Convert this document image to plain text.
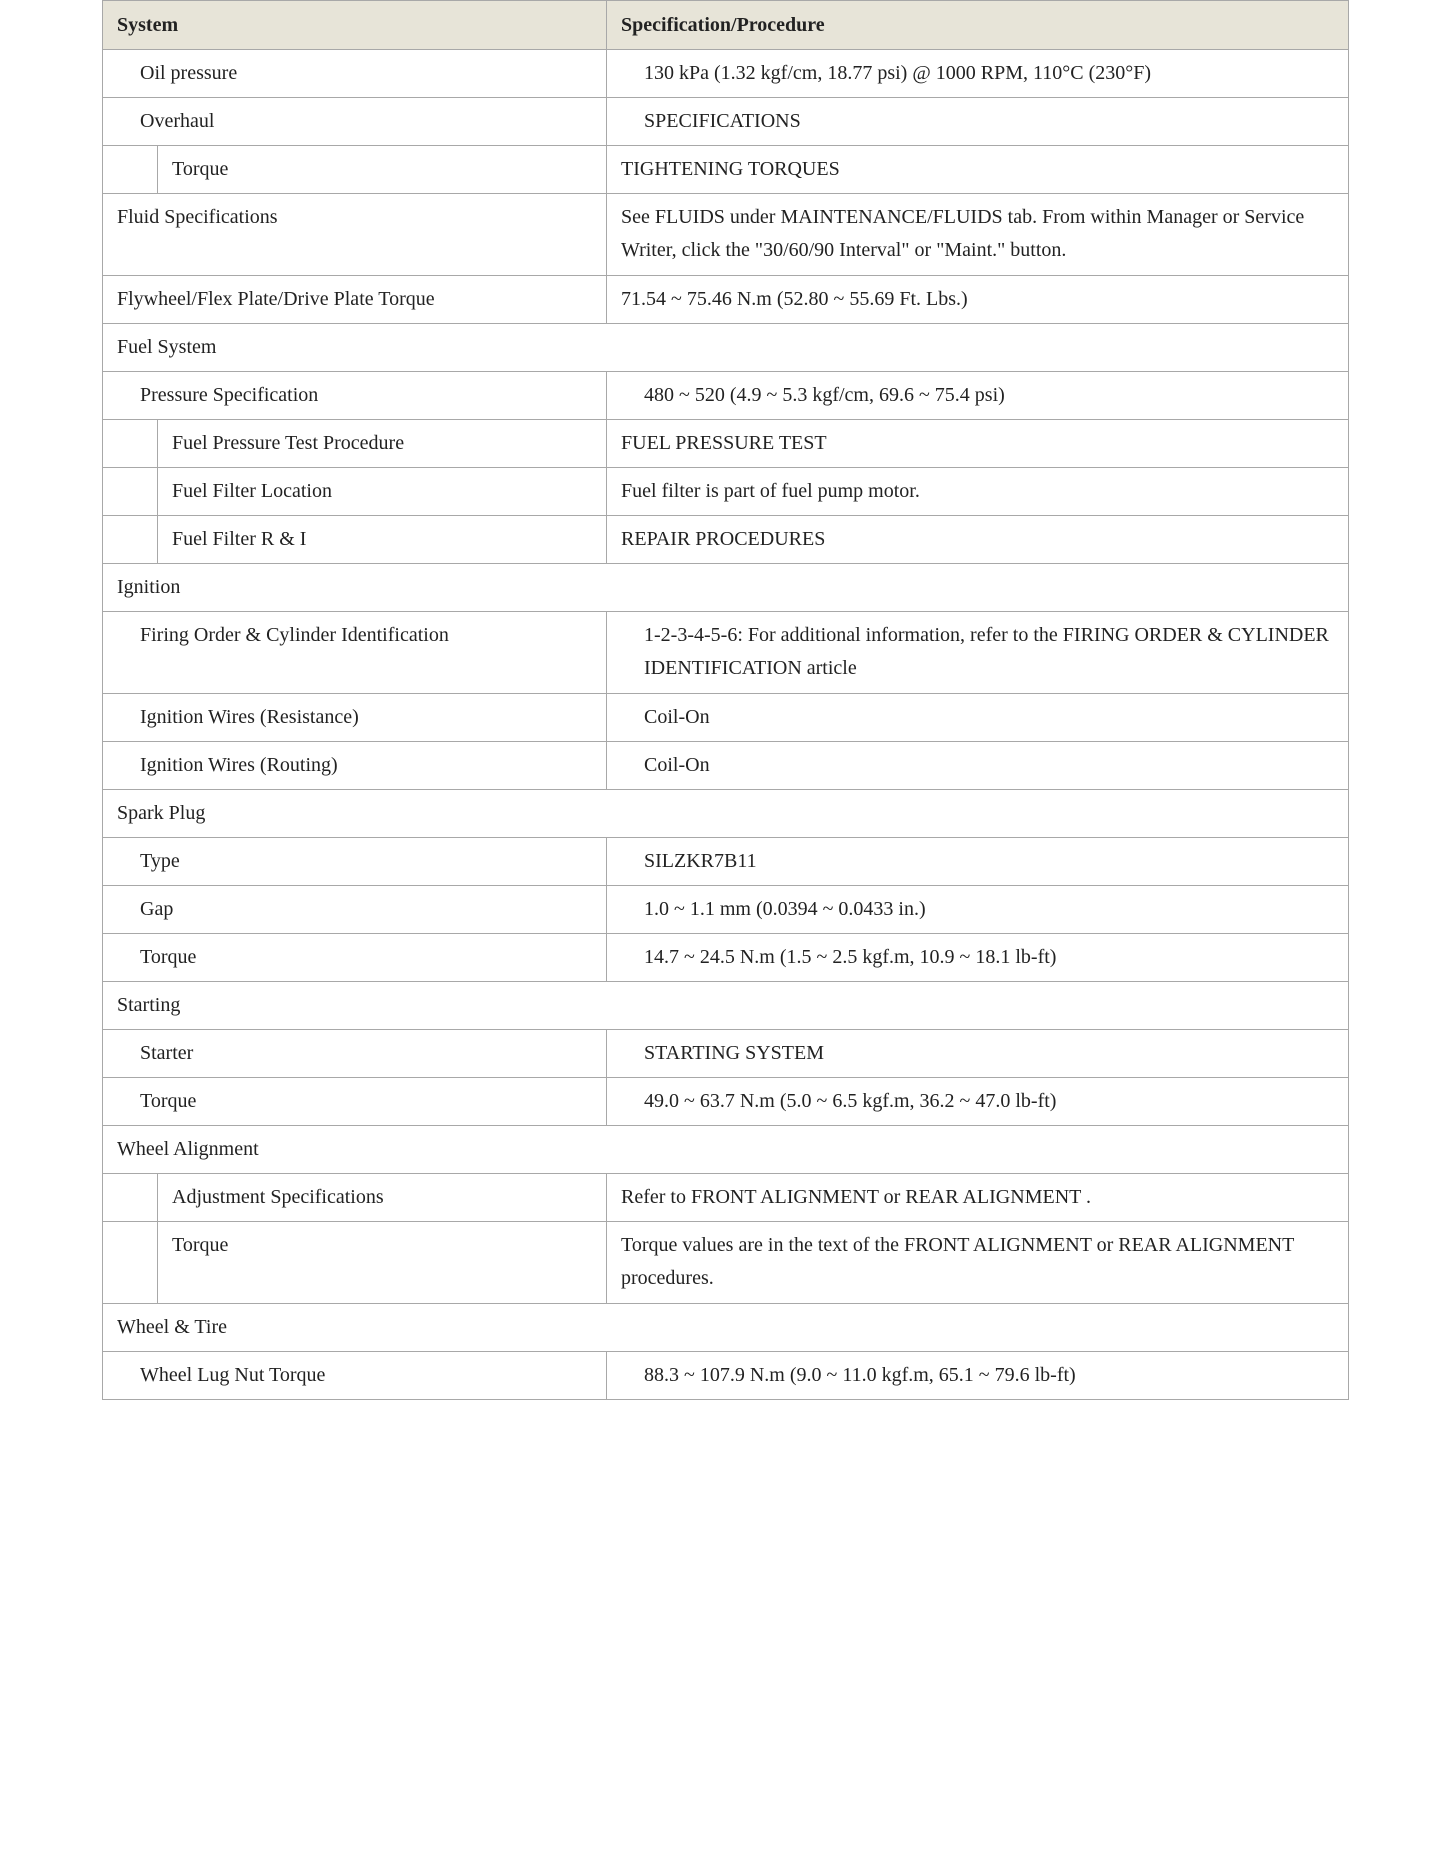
System		Specification/Procedure
Oil pressure		130 kPa (1.32 kgf/cm, 18.77 psi) @ 1000 RPM, 110°C (230°F)
Overhaul		SPECIFICATIONS
	Torque	TIGHTENING TORQUES
Fluid Specifications		See FLUIDS under MAINTENANCE/FLUIDS tab. From within Manager or Service Writer, click the "30/60/90 Interval" or "Maint." button.
Flywheel/Flex Plate/Drive Plate Torque		71.54 ~ 75.46 N.m (52.80 ~ 55.69 Ft. Lbs.)
Fuel System		
Pressure Specification		480 ~ 520 (4.9 ~ 5.3 kgf/cm, 69.6 ~ 75.4 psi)
	Fuel Pressure Test Procedure	FUEL PRESSURE TEST
	Fuel Filter Location	Fuel filter is part of fuel pump motor.
	Fuel Filter R & I	REPAIR PROCEDURES
Ignition		
Firing Order & Cylinder Identification		1-2-3-4-5-6: For additional information, refer to the FIRING ORDER & CYLINDER IDENTIFICATION article
Ignition Wires (Resistance)		Coil-On
Ignition Wires (Routing)		Coil-On
Spark Plug		
Type		SILZKR7B11
Gap		1.0 ~ 1.1 mm (0.0394 ~ 0.0433 in.)
Torque		14.7 ~ 24.5 N.m (1.5 ~ 2.5 kgf.m, 10.9 ~ 18.1 lb-ft)
Starting		
Starter		STARTING SYSTEM
Torque		49.0 ~ 63.7 N.m (5.0 ~ 6.5 kgf.m, 36.2 ~ 47.0 lb-ft)
Wheel Alignment		
	Adjustment Specifications	Refer to FRONT ALIGNMENT or REAR ALIGNMENT .
	Torque	Torque values are in the text of the FRONT ALIGNMENT or REAR ALIGNMENT procedures.
Wheel & Tire		
Wheel Lug Nut Torque		88.3 ~ 107.9 N.m (9.0 ~ 11.0 kgf.m, 65.1 ~ 79.6 lb-ft)
